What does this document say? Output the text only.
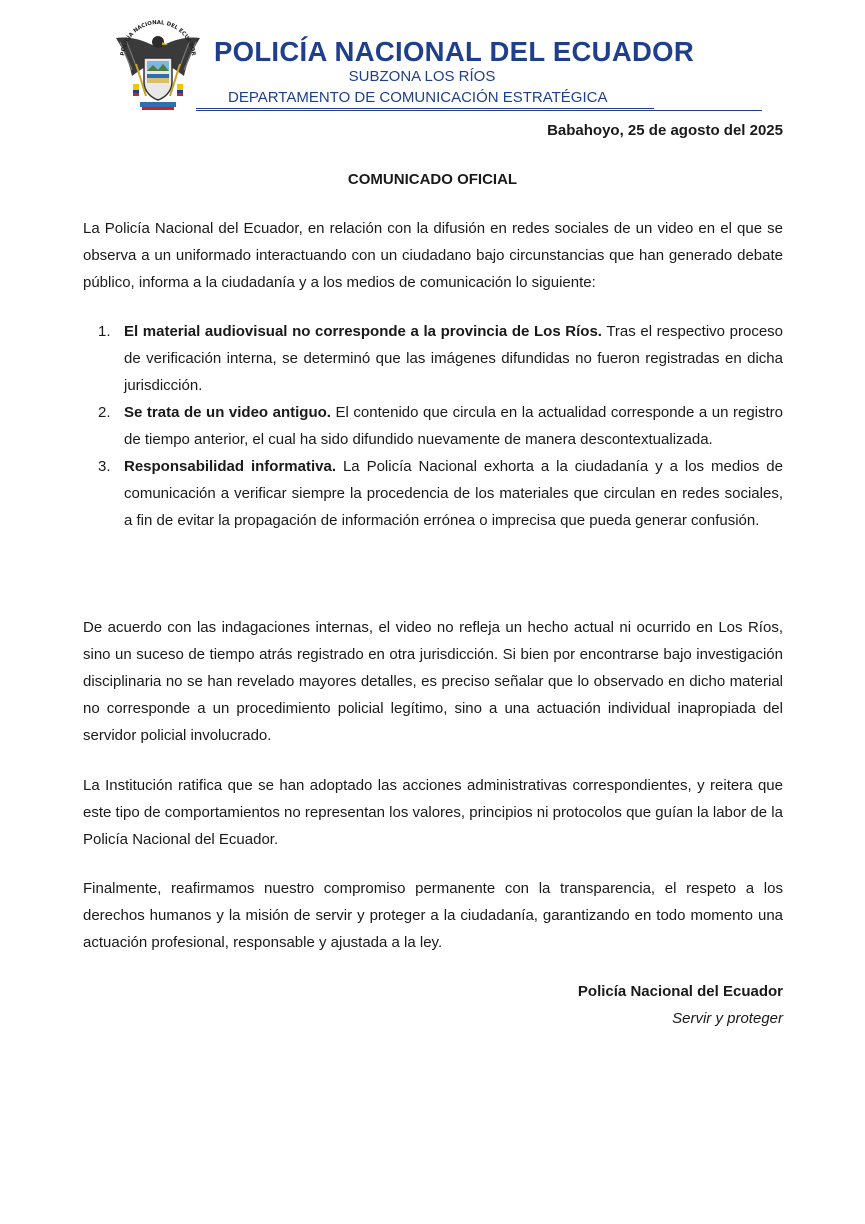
POLICÍA NACIONAL DEL ECUADOR POLICÍA NACIONAL DEL ECUADOR
SUBZONA LOS RÍOS
DEPARTAMENTO DE COMUNICACIÓN ESTRATÉGICA
Babahoyo, 25 de agosto del 2025
COMUNICADO OFICIAL

La Policía Nacional del Ecuador, en relación con la difusión en redes sociales de un video en el que se observa a un uniformado interactuando con un ciudadano bajo circunstancias que han generado debate público, informa a la ciudadanía y a los medios de comunicación lo siguiente:

1. El material audiovisual no corresponde a la provincia de Los Ríos. Tras el respectivo proceso de verificación interna, se determinó que las imágenes difundidas no fueron registradas en dicha jurisdicción.
2. Se trata de un video antiguo. El contenido que circula en la actualidad corresponde a un registro de tiempo anterior, el cual ha sido difundido nuevamente de manera descontextualizada.
3. Responsabilidad informativa. La Policía Nacional exhorta a la ciudadanía y a los medios de comunicación a verificar siempre la procedencia de los materiales que circulan en redes sociales, a fin de evitar la propagación de información errónea o imprecisa que pueda generar confusión.

De acuerdo con las indagaciones internas, el video no refleja un hecho actual ni ocurrido en Los Ríos, sino un suceso de tiempo atrás registrado en otra jurisdicción. Si bien por encontrarse bajo investigación disciplinaria no se han revelado mayores detalles, es preciso señalar que lo observado en dicho material no corresponde a un procedimiento policial legítimo, sino a una actuación individual inapropiada del servidor policial involucrado.

La Institución ratifica que se han adoptado las acciones administrativas correspondientes, y reitera que este tipo de comportamientos no representan los valores, principios ni protocolos que guían la labor de la Policía Nacional del Ecuador.

Finalmente, reafirmamos nuestro compromiso permanente con la transparencia, el respeto a los derechos humanos y la misión de servir y proteger a la ciudadanía, garantizando en todo momento una actuación profesional, responsable y ajustada a la ley.

Policía Nacional del Ecuador
Servir y proteger
